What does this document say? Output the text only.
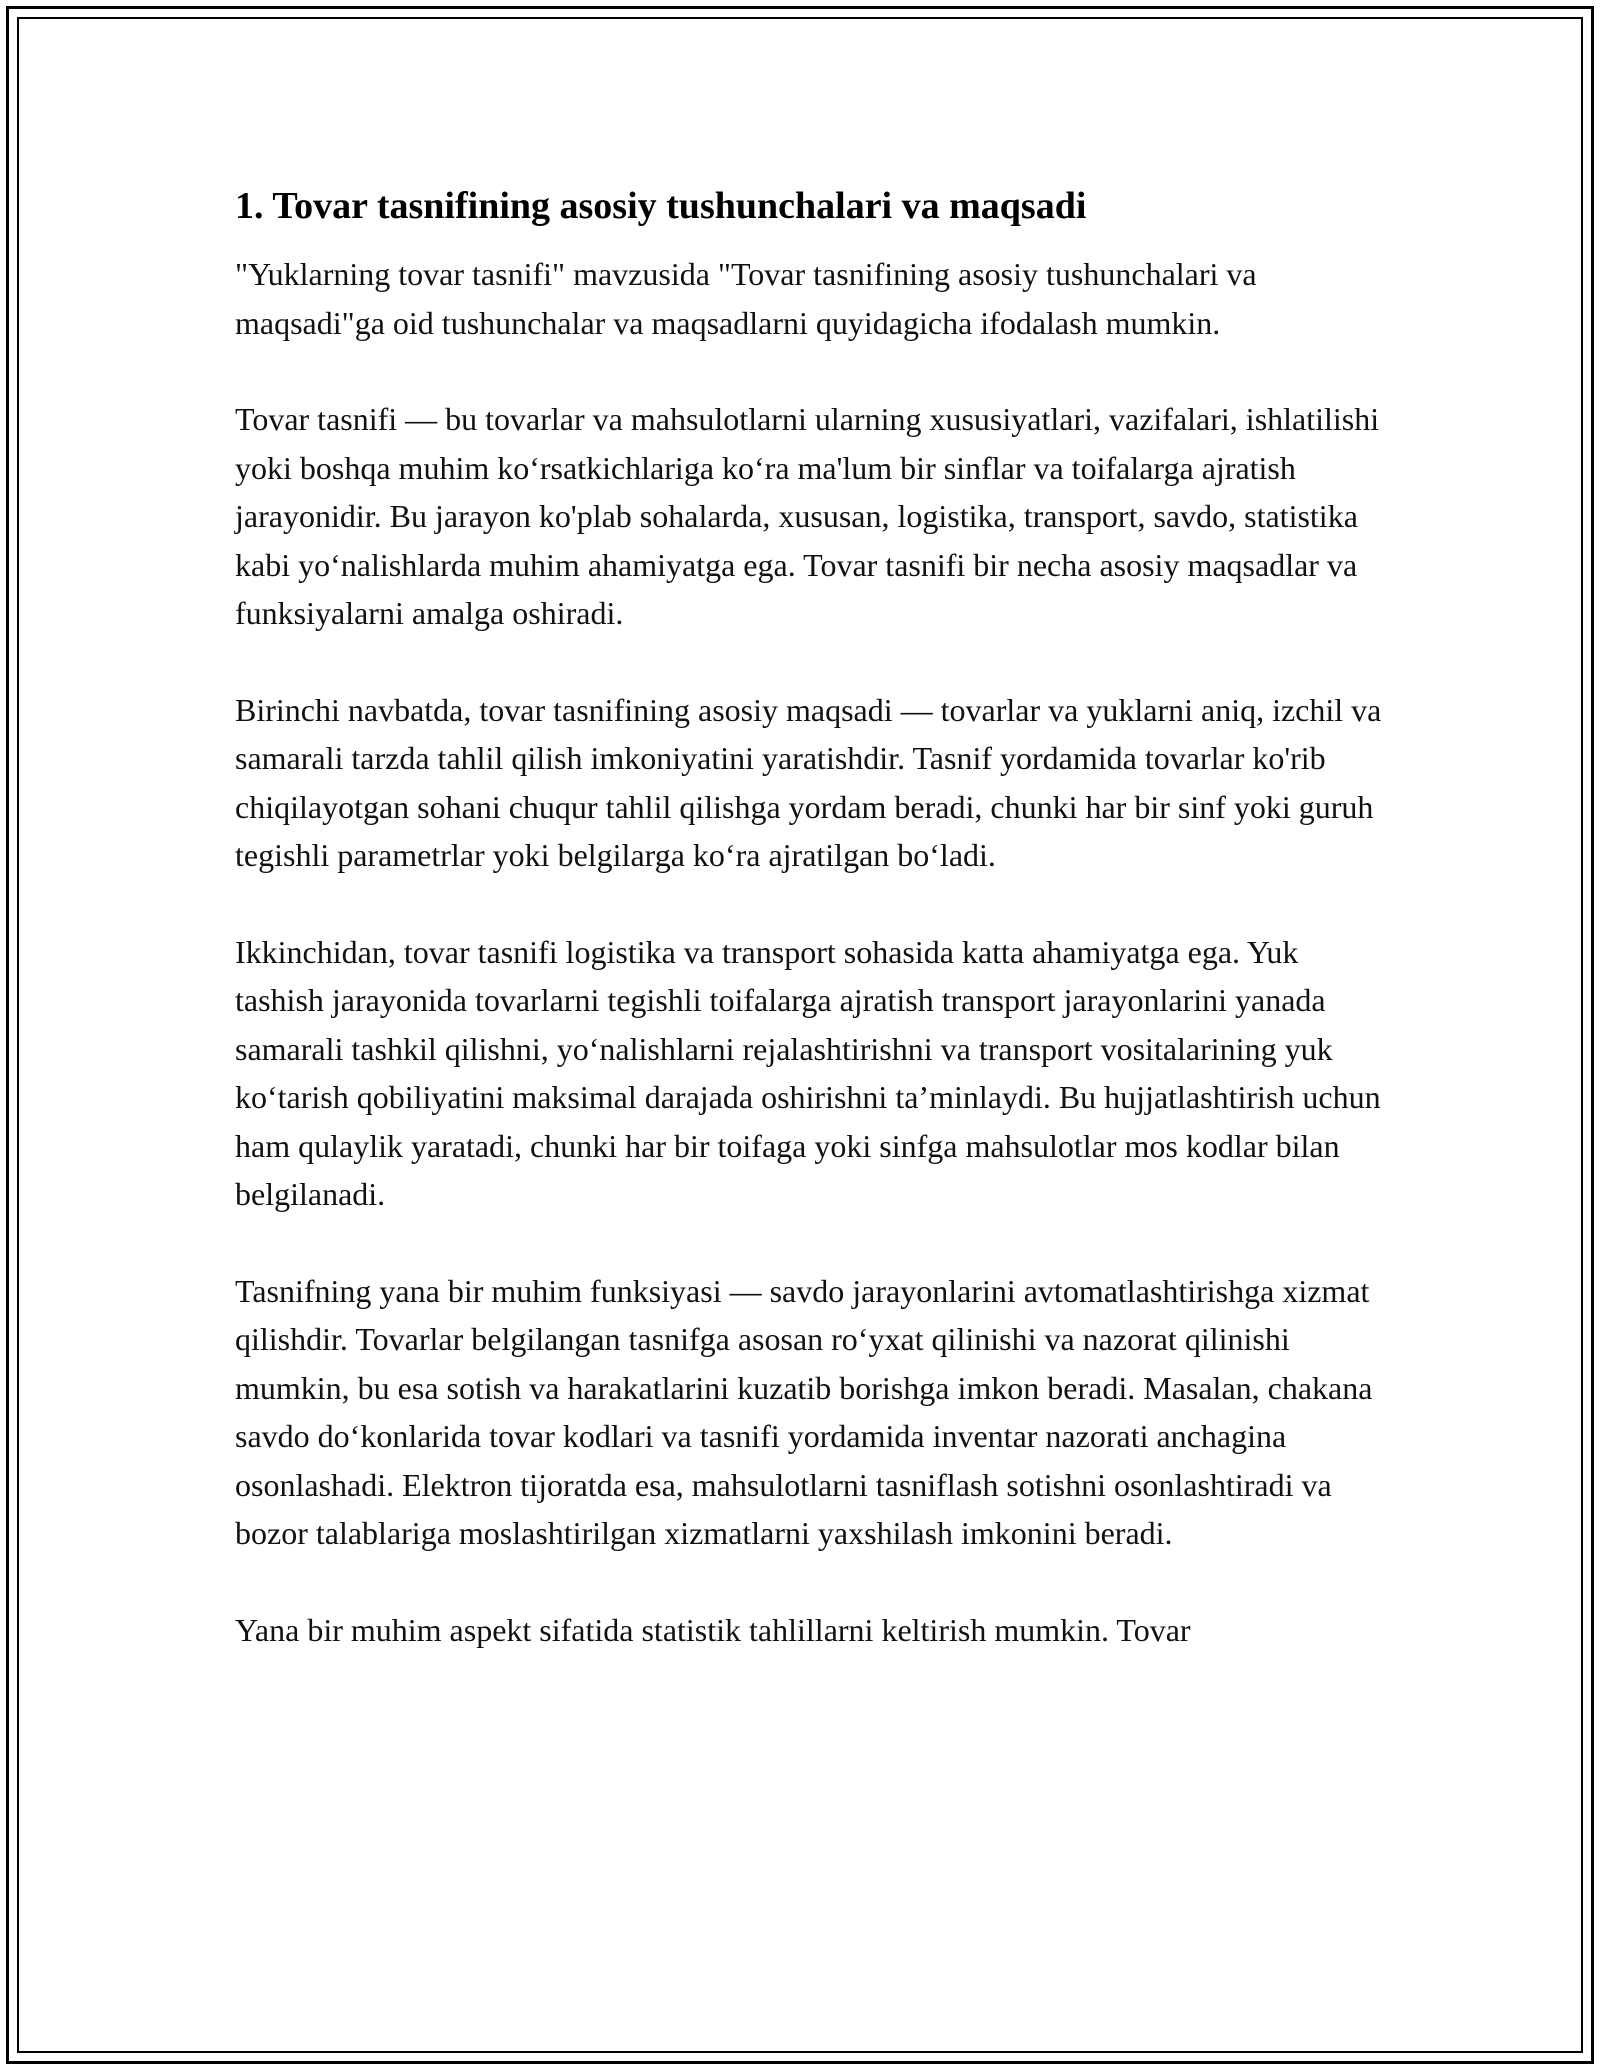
1. Tovar tasnifining asosiy tushunchalari va maqsadi

"Yuklarning tovar tasnifi" mavzusida "Tovar tasnifining asosiy tushunchalari va maqsadi"ga oid tushunchalar va maqsadlarni quyidagicha ifodalash mumkin.

Tovar tasnifi — bu tovarlar va mahsulotlarni ularning xususiyatlari, vazifalari, ishlatilishi yoki boshqa muhim ko‘rsatkichlariga ko‘ra ma'lum bir sinflar va toifalarga ajratish jarayonidir. Bu jarayon ko'plab sohalarda, xususan, logistika, transport, savdo, statistika kabi yo‘nalishlarda muhim ahamiyatga ega. Tovar tasnifi bir necha asosiy maqsadlar va funksiyalarni amalga oshiradi.

Birinchi navbatda, tovar tasnifining asosiy maqsadi — tovarlar va yuklarni aniq, izchil va samarali tarzda tahlil qilish imkoniyatini yaratishdir. Tasnif yordamida tovarlar ko'rib chiqilayotgan sohani chuqur tahlil qilishga yordam beradi, chunki har bir sinf yoki guruh tegishli parametrlar yoki belgilarga ko‘ra ajratilgan bo‘ladi.

Ikkinchidan, tovar tasnifi logistika va transport sohasida katta ahamiyatga ega. Yuk tashish jarayonida tovarlarni tegishli toifalarga ajratish transport jarayonlarini yanada samarali tashkil qilishni, yo‘nalishlarni rejalashtirishni va transport vositalarining yuk ko‘tarish qobiliyatini maksimal darajada oshirishni ta’minlaydi. Bu hujjatlashtirish uchun ham qulaylik yaratadi, chunki har bir toifaga yoki sinfga mahsulotlar mos kodlar bilan belgilanadi.

Tasnifning yana bir muhim funksiyasi — savdo jarayonlarini avtomatlashtirishga xizmat qilishdir. Tovarlar belgilangan tasnifga asosan ro‘yxat qilinishi va nazorat qilinishi mumkin, bu esa sotish va harakatlarini kuzatib borishga imkon beradi. Masalan, chakana savdo do‘konlarida tovar kodlari va tasnifi yordamida inventar nazorati anchagina osonlashadi. Elektron tijoratda esa, mahsulotlarni tasniflash sotishni osonlashtiradi va bozor talablariga moslashtirilgan xizmatlarni yaxshilash imkonini beradi.

Yana bir muhim aspekt sifatida statistik tahlillarni keltirish mumkin. Tovar
